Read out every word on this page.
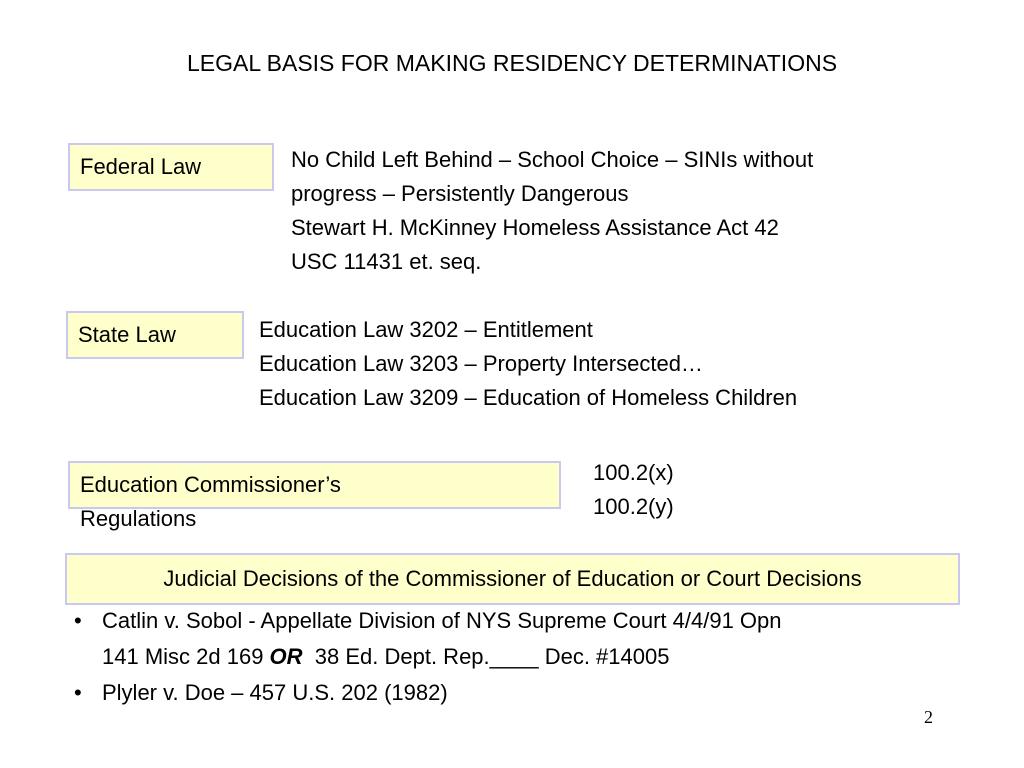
LEGAL BASIS FOR MAKING RESIDENCY DETERMINATIONS
Federal Law	No Child Left Behind – School Choice – SINIs without
progress – Persistently Dangerous
Stewart H. McKinney Homeless Assistance Act 42
USC 11431 et. seq.
State Law	Education Law 3202 – Entitlement
Education Law 3203 – Property Intersected…
Education Law 3209 – Education of Homeless Children
Education Commissioner’s
Regulations
100.2(x)
100.2(y)
Judicial Decisions of the Commissioner of Education or Court Decisions
• Catlin v. Sobol - Appellate Division of NYS Supreme Court 4/4/91 Opn
141 Misc 2d 169 OR  38 Ed. Dept. Rep.____ Dec. #14005
• Plyler v. Doe – 457 U.S. 202 (1982)
2
